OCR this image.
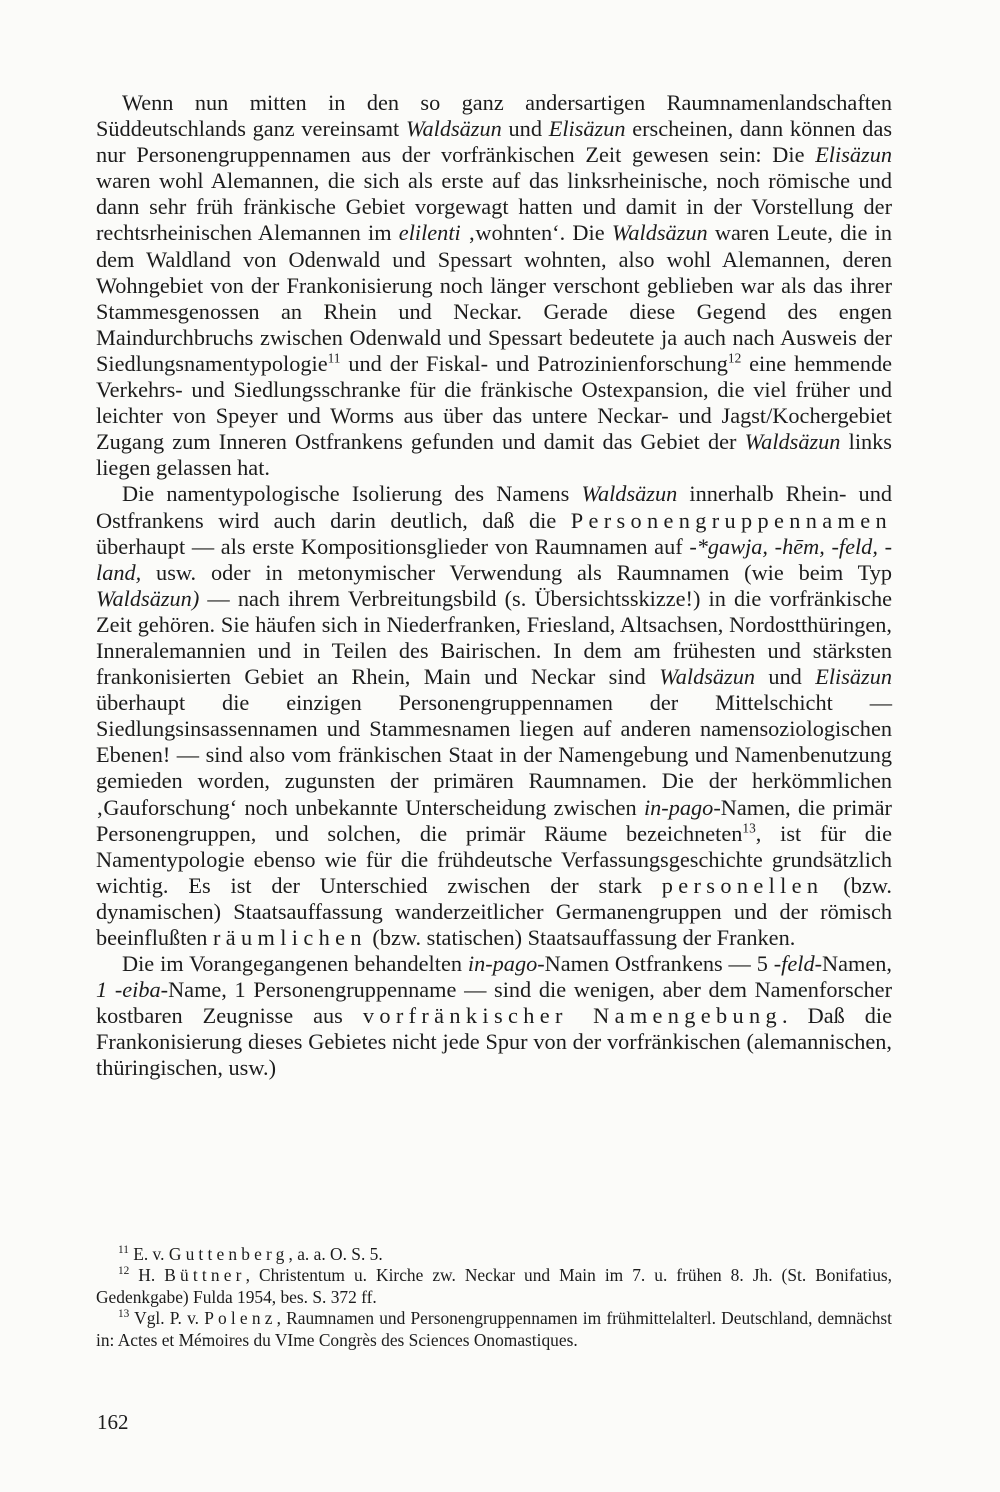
Wenn nun mitten in den so ganz andersartigen Raumnamenlandschaften Süddeutschlands ganz vereinsamt Waldsäzun und Elisäzun erscheinen, dann können das nur Personengruppennamen aus der vorfränkischen Zeit gewesen sein: Die Elisäzun waren wohl Alemannen, die sich als erste auf das linksrheinische, noch römische und dann sehr früh fränkische Gebiet vorgewagt hatten und damit in der Vorstellung der rechtsrheinischen Alemannen im elilenti ‚wohnten‘. Die Waldsäzun waren Leute, die in dem Waldland von Odenwald und Spessart wohnten, also wohl Alemannen, deren Wohngebiet von der Frankonisierung noch länger verschont geblieben war als das ihrer Stammesgenossen an Rhein und Neckar. Gerade diese Gegend des engen Maindurchbruchs zwischen Odenwald und Spessart bedeutete ja auch nach Ausweis der Siedlungsnamentypologie$^{11}$ und der Fiskal- und Patrozinienforschung$^{12}$ eine hemmende Verkehrs- und Siedlungsschranke für die fränkische Ostexpansion, die viel früher und leichter von Speyer und Worms aus über das untere Neckar- und Jagst/Kochergebiet Zugang zum Inneren Ostfrankens gefunden und damit das Gebiet der Waldsäzun links liegen gelassen hat.

Die namentypologische Isolierung des Namens Waldsäzun innerhalb Rhein- und Ostfrankens wird auch darin deutlich, daß die Personengruppennamen überhaupt — als erste Kompositionsglieder von Raumnamen auf -*gawja, -hēm, -feld, -land, usw. oder in metonymischer Verwendung als Raumnamen (wie beim Typ Waldsäzun) — nach ihrem Verbreitungsbild (s. Übersichtsskizze!) in die vorfränkische Zeit gehören. Sie häufen sich in Niederfranken, Friesland, Altsachsen, Nordostthüringen, Inneralemannien und in Teilen des Bairischen. In dem am frühesten und stärksten frankonisierten Gebiet an Rhein, Main und Neckar sind Waldsäzun und Elisäzun überhaupt die einzigen Personengruppennamen der Mittelschicht — Siedlungsinsassennamen und Stammesnamen liegen auf anderen namensoziologischen Ebenen! — sind also vom fränkischen Staat in der Namengebung und Namenbenutzung gemieden worden, zugunsten der primären Raumnamen. Die der herkömmlichen ‚Gauforschung‘ noch unbekannte Unterscheidung zwischen in-pago-Namen, die primär Personengruppen, und solchen, die primär Räume bezeichneten$^{13}$, ist für die Namentypologie ebenso wie für die frühdeutsche Verfassungsgeschichte grundsätzlich wichtig. Es ist der Unterschied zwischen der stark personellen (bzw. dynamischen) Staatsauffassung wanderzeitlicher Germanengruppen und der römisch beeinflußten räumlichen (bzw. statischen) Staatsauffassung der Franken.

Die im Vorangegangenen behandelten in-pago-Namen Ostfrankens — 5 -feld-Namen, 1 -eiba-Name, 1 Personengruppenname — sind die wenigen, aber dem Namenforscher kostbaren Zeugnisse aus vorfränkischer Namengebung. Daß die Frankonisierung dieses Gebietes nicht jede Spur von der vorfränkischen (alemannischen, thüringischen, usw.)

$^{11}$ E. v. Guttenberg, a. a. O. S. 5.

$^{12}$ H. Büttner, Christentum u. Kirche zw. Neckar und Main im 7. u. frühen 8. Jh. (St. Bonifatius, Gedenkgabe) Fulda 1954, bes. S. 372 ff.

$^{13}$ Vgl. P. v. Polenz, Raumnamen und Personengruppennamen im frühmittelalterl. Deutschland, demnächst in: Actes et Mémoires du VIme Congrès des Sciences Onomastiques.

162
